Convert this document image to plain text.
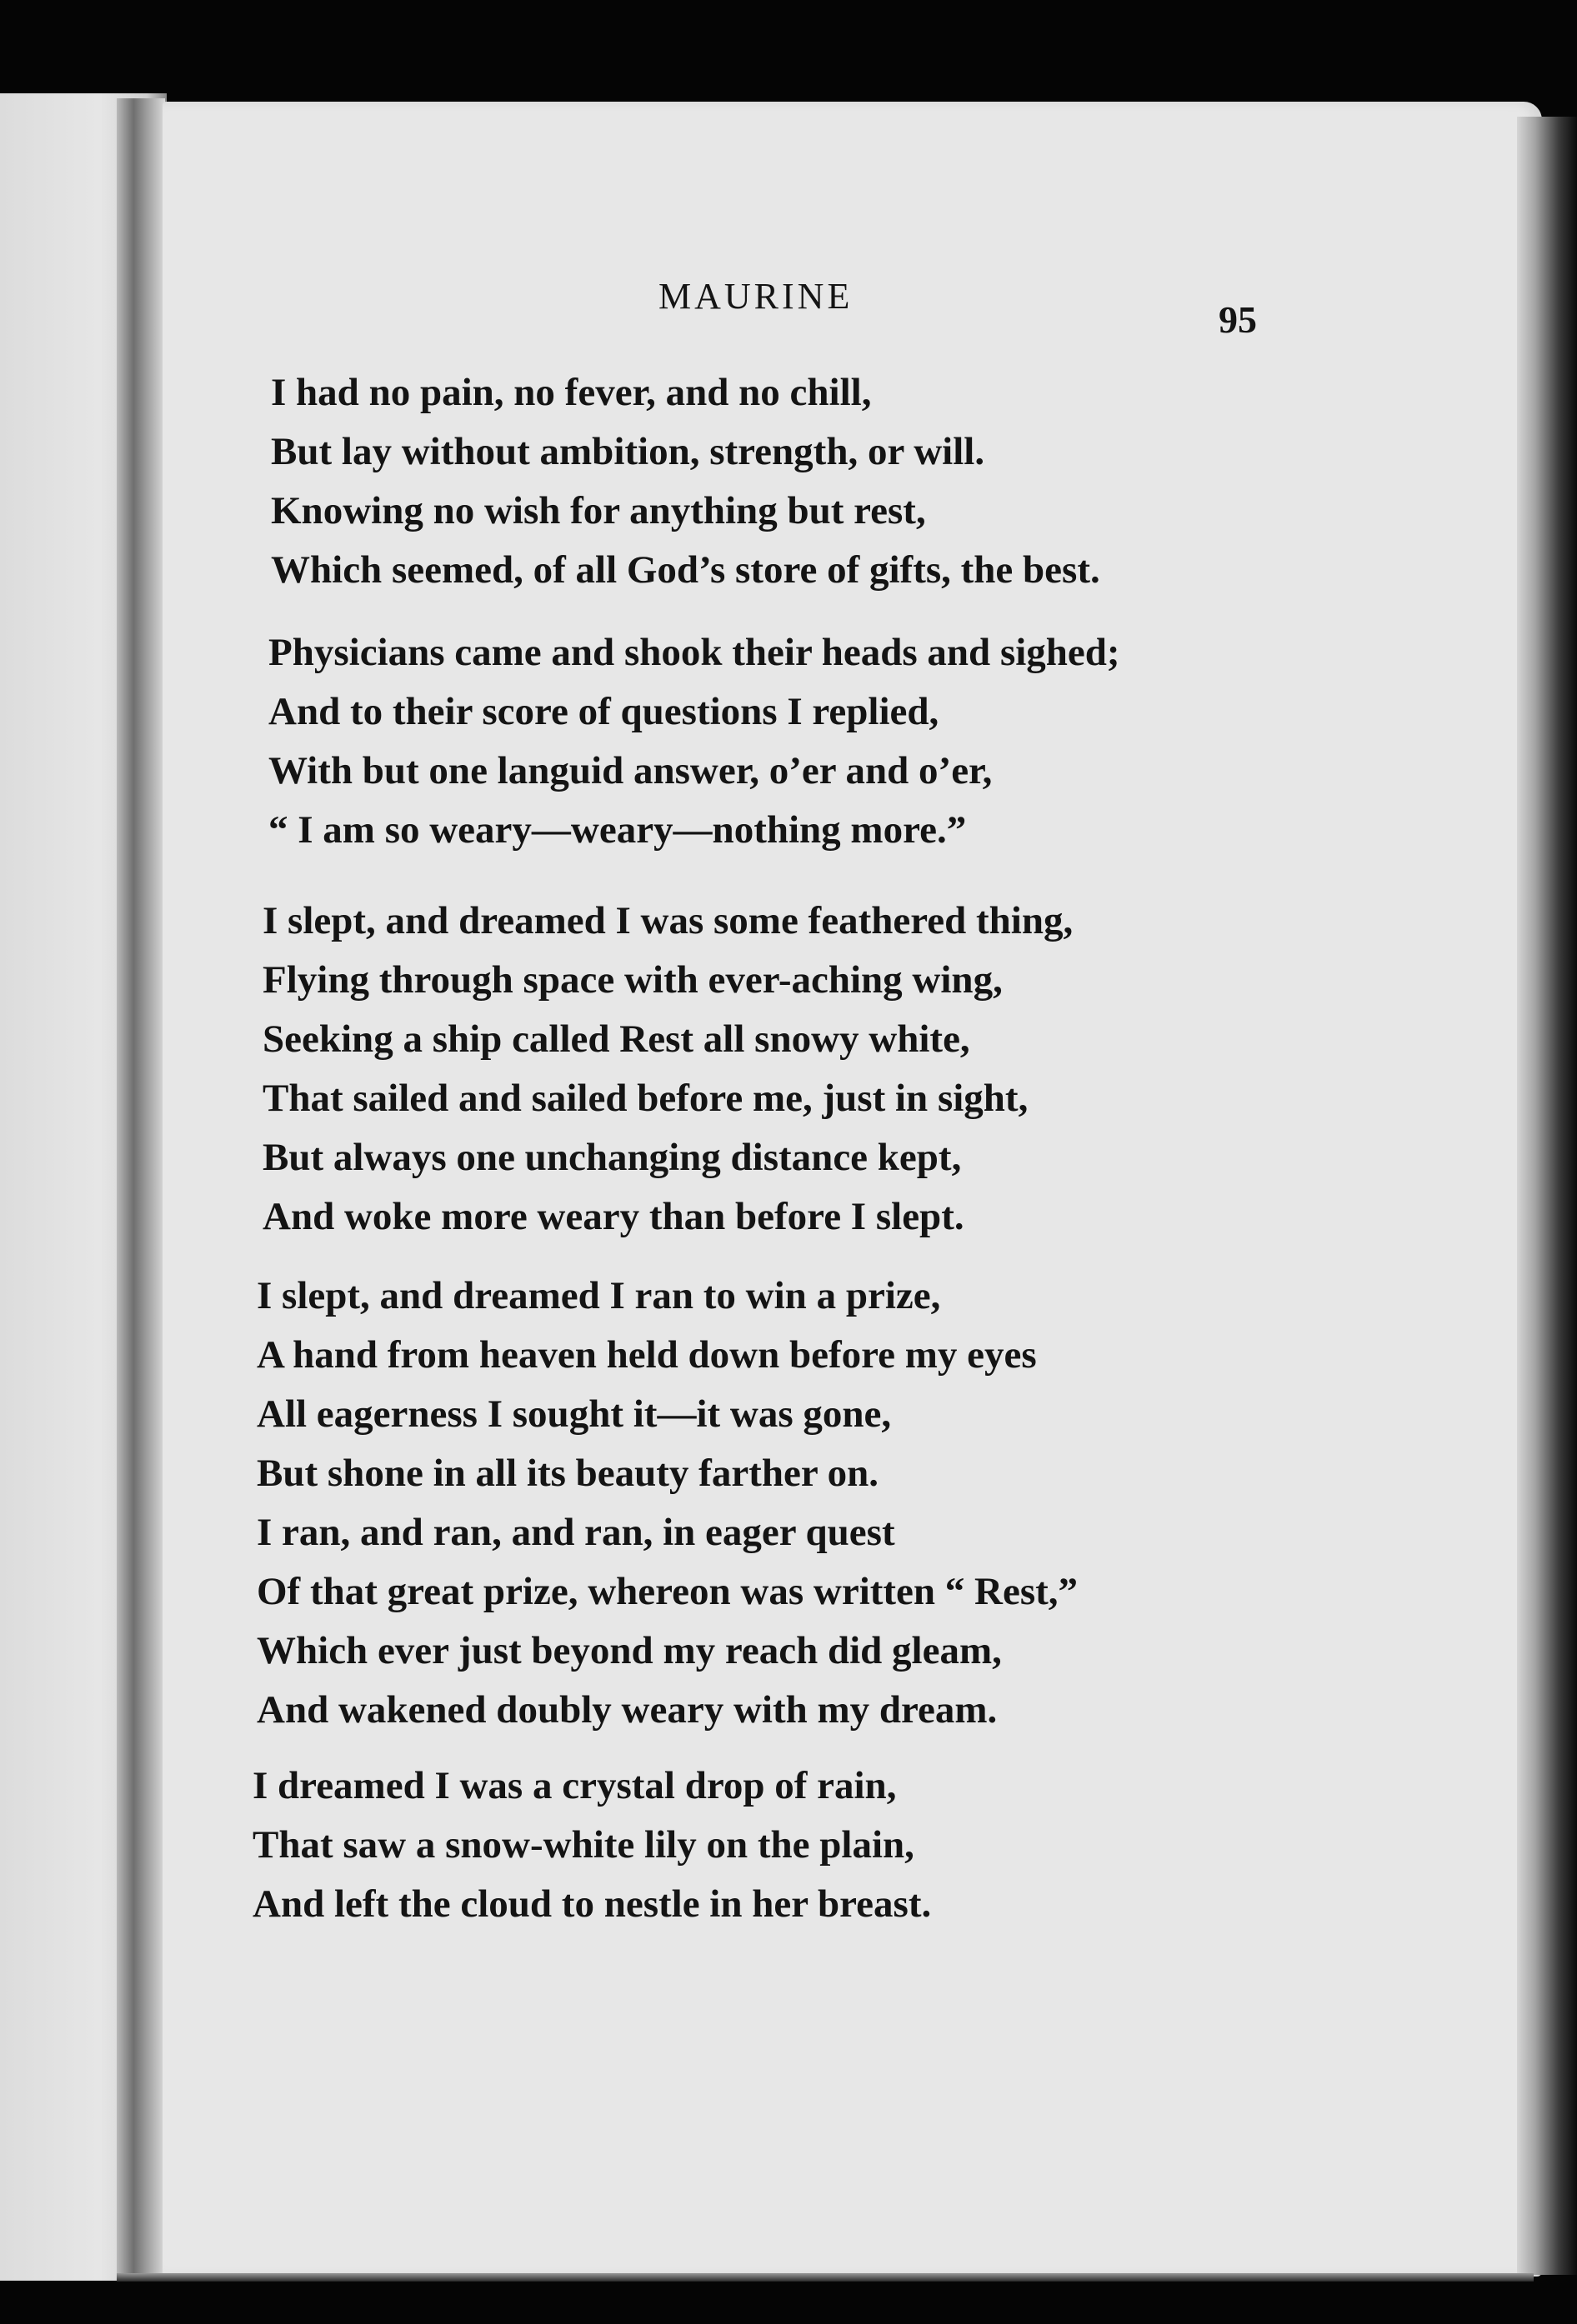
MAURINE

95

I had no pain, no fever, and no chill,
But lay without ambition, strength, or will.
Knowing no wish for anything but rest,
Which seemed, of all God’s store of gifts, the best.
Physicians came and shook their heads and sighed;
And to their score of questions I replied,
With but one languid answer, o’er and o’er,
“ I am so weary—weary—nothing more.”
I slept, and dreamed I was some feathered thing,
Flying through space with ever-aching wing,
Seeking a ship called Rest all snowy white,
That sailed and sailed before me, just in sight,
But always one unchanging distance kept,
And woke more weary than before I slept.
I slept, and dreamed I ran to win a prize,
A hand from heaven held down before my eyes
All eagerness I sought it—it was gone,
But shone in all its beauty farther on.
I ran, and ran, and ran, in eager quest
Of that great prize, whereon was written “ Rest,”
Which ever just beyond my reach did gleam,
And wakened doubly weary with my dream.
I dreamed I was a crystal drop of rain,
That saw a snow-white lily on the plain,
And left the cloud to nestle in her breast.
